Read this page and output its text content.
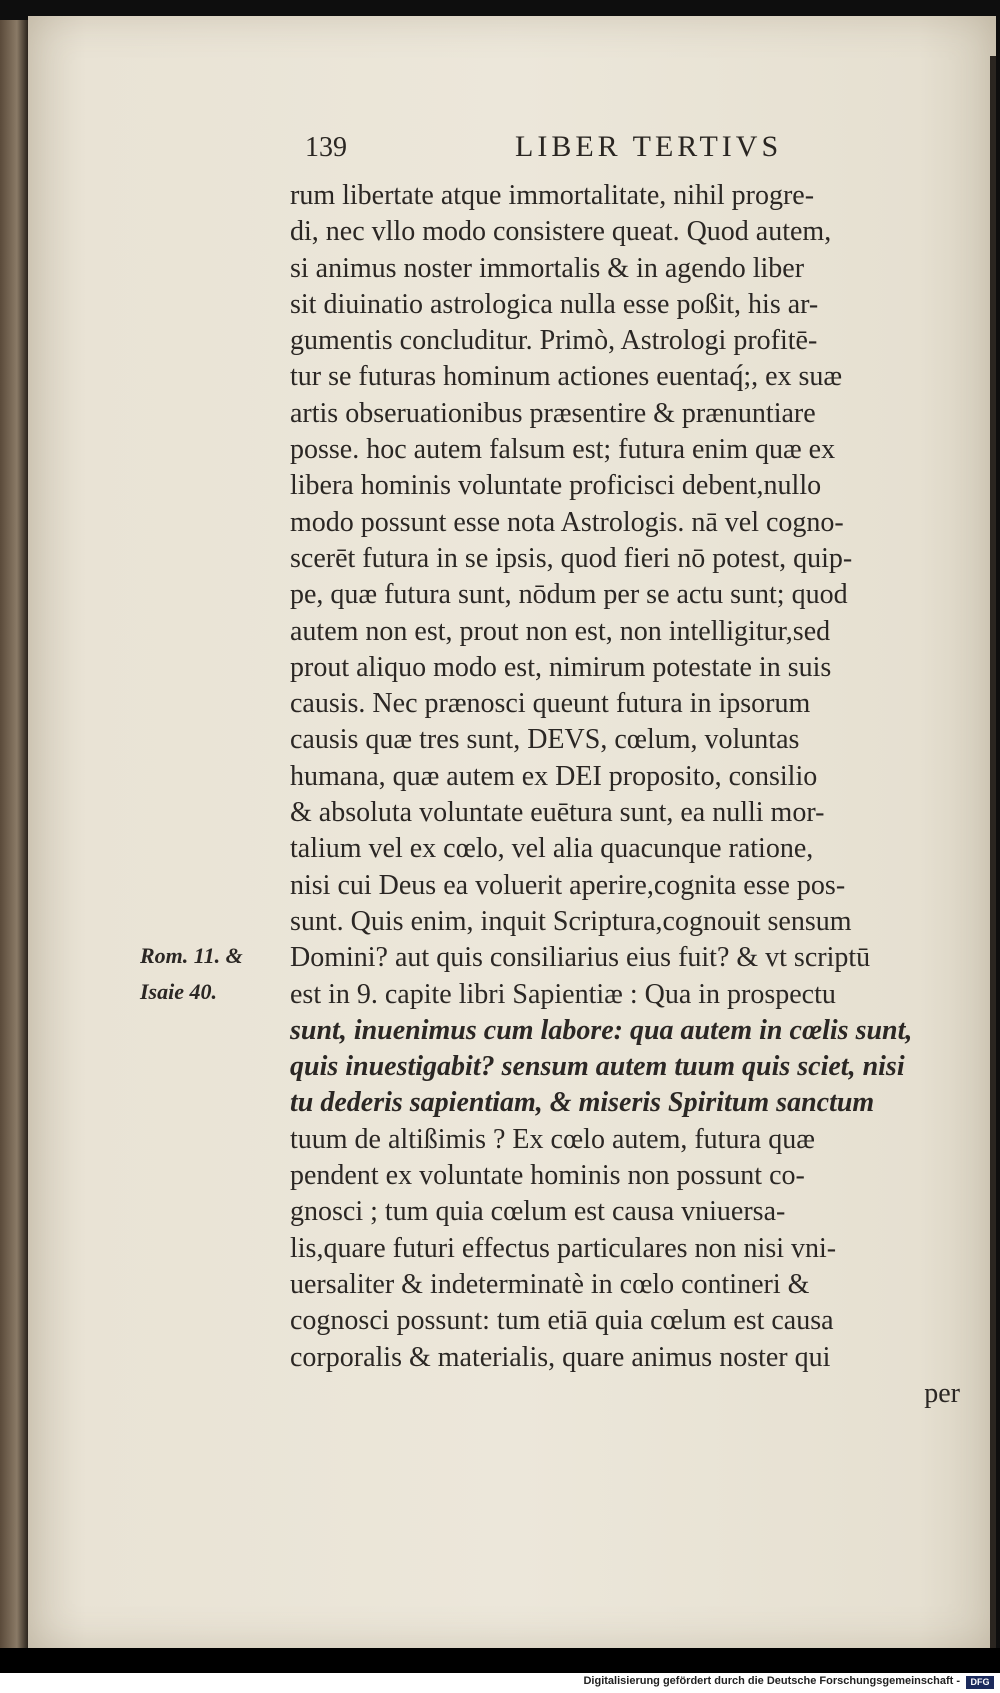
139	LIBER TERTIVS
Rom. 11. &
Isaie 40.
rum libertate atque immortalitate, nihil progre-
di, nec vllo modo consistere queat. Quod autem,
si animus noster immortalis & in agendo liber
sit diuinatio astrologica nulla esse poßit, his ar-
gumentis concluditur. Primò, Astrologi profitē-
tur se futuras hominum actiones euentaq́;, ex suæ
artis obseruationibus præsentire & prænuntiare
posse. hoc autem falsum est; futura enim quæ ex
libera hominis voluntate proficisci debent,nullo
modo possunt esse nota Astrologis. nā vel cogno-
scerēt futura in se ipsis, quod fieri nō potest, quip-
pe, quæ futura sunt, nōdum per se actu sunt; quod
autem non est, prout non est, non intelligitur,sed
prout aliquo modo est, nimirum potestate in suis
causis. Nec prænosci queunt futura in ipsorum
causis quæ tres sunt, DEVS, cœlum, voluntas
humana, quæ autem ex DEI proposito, consilio
& absoluta voluntate euētura sunt, ea nulli mor-
talium vel ex cœlo, vel alia quacunque ratione,
nisi cui Deus ea voluerit aperire,cognita esse pos-
sunt. Quis enim, inquit Scriptura,cognouit sensum
Domini? aut quis consiliarius eius fuit? & vt scriptū
est in 9. capite libri Sapientiæ : Qua in prospectu
sunt, inuenimus cum labore: qua autem in cœlis sunt,
quis inuestigabit? sensum autem tuum quis sciet, nisi
tu dederis sapientiam, & miseris Spiritum sanctum
tuum de altißimis ? Ex cœlo autem, futura quæ
pendent ex voluntate hominis non possunt co-
gnosci ; tum quia cœlum est causa vniuersa-
lis,quare futuri effectus particulares non nisi vni-
uersaliter & indeterminatè in cœlo contineri &
cognosci possunt: tum etiā quia cœlum est causa
corporalis & materialis, quare animus noster qui
per
Digitalisierung gefördert durch die Deutsche Forschungsgemeinschaft -	DFG
